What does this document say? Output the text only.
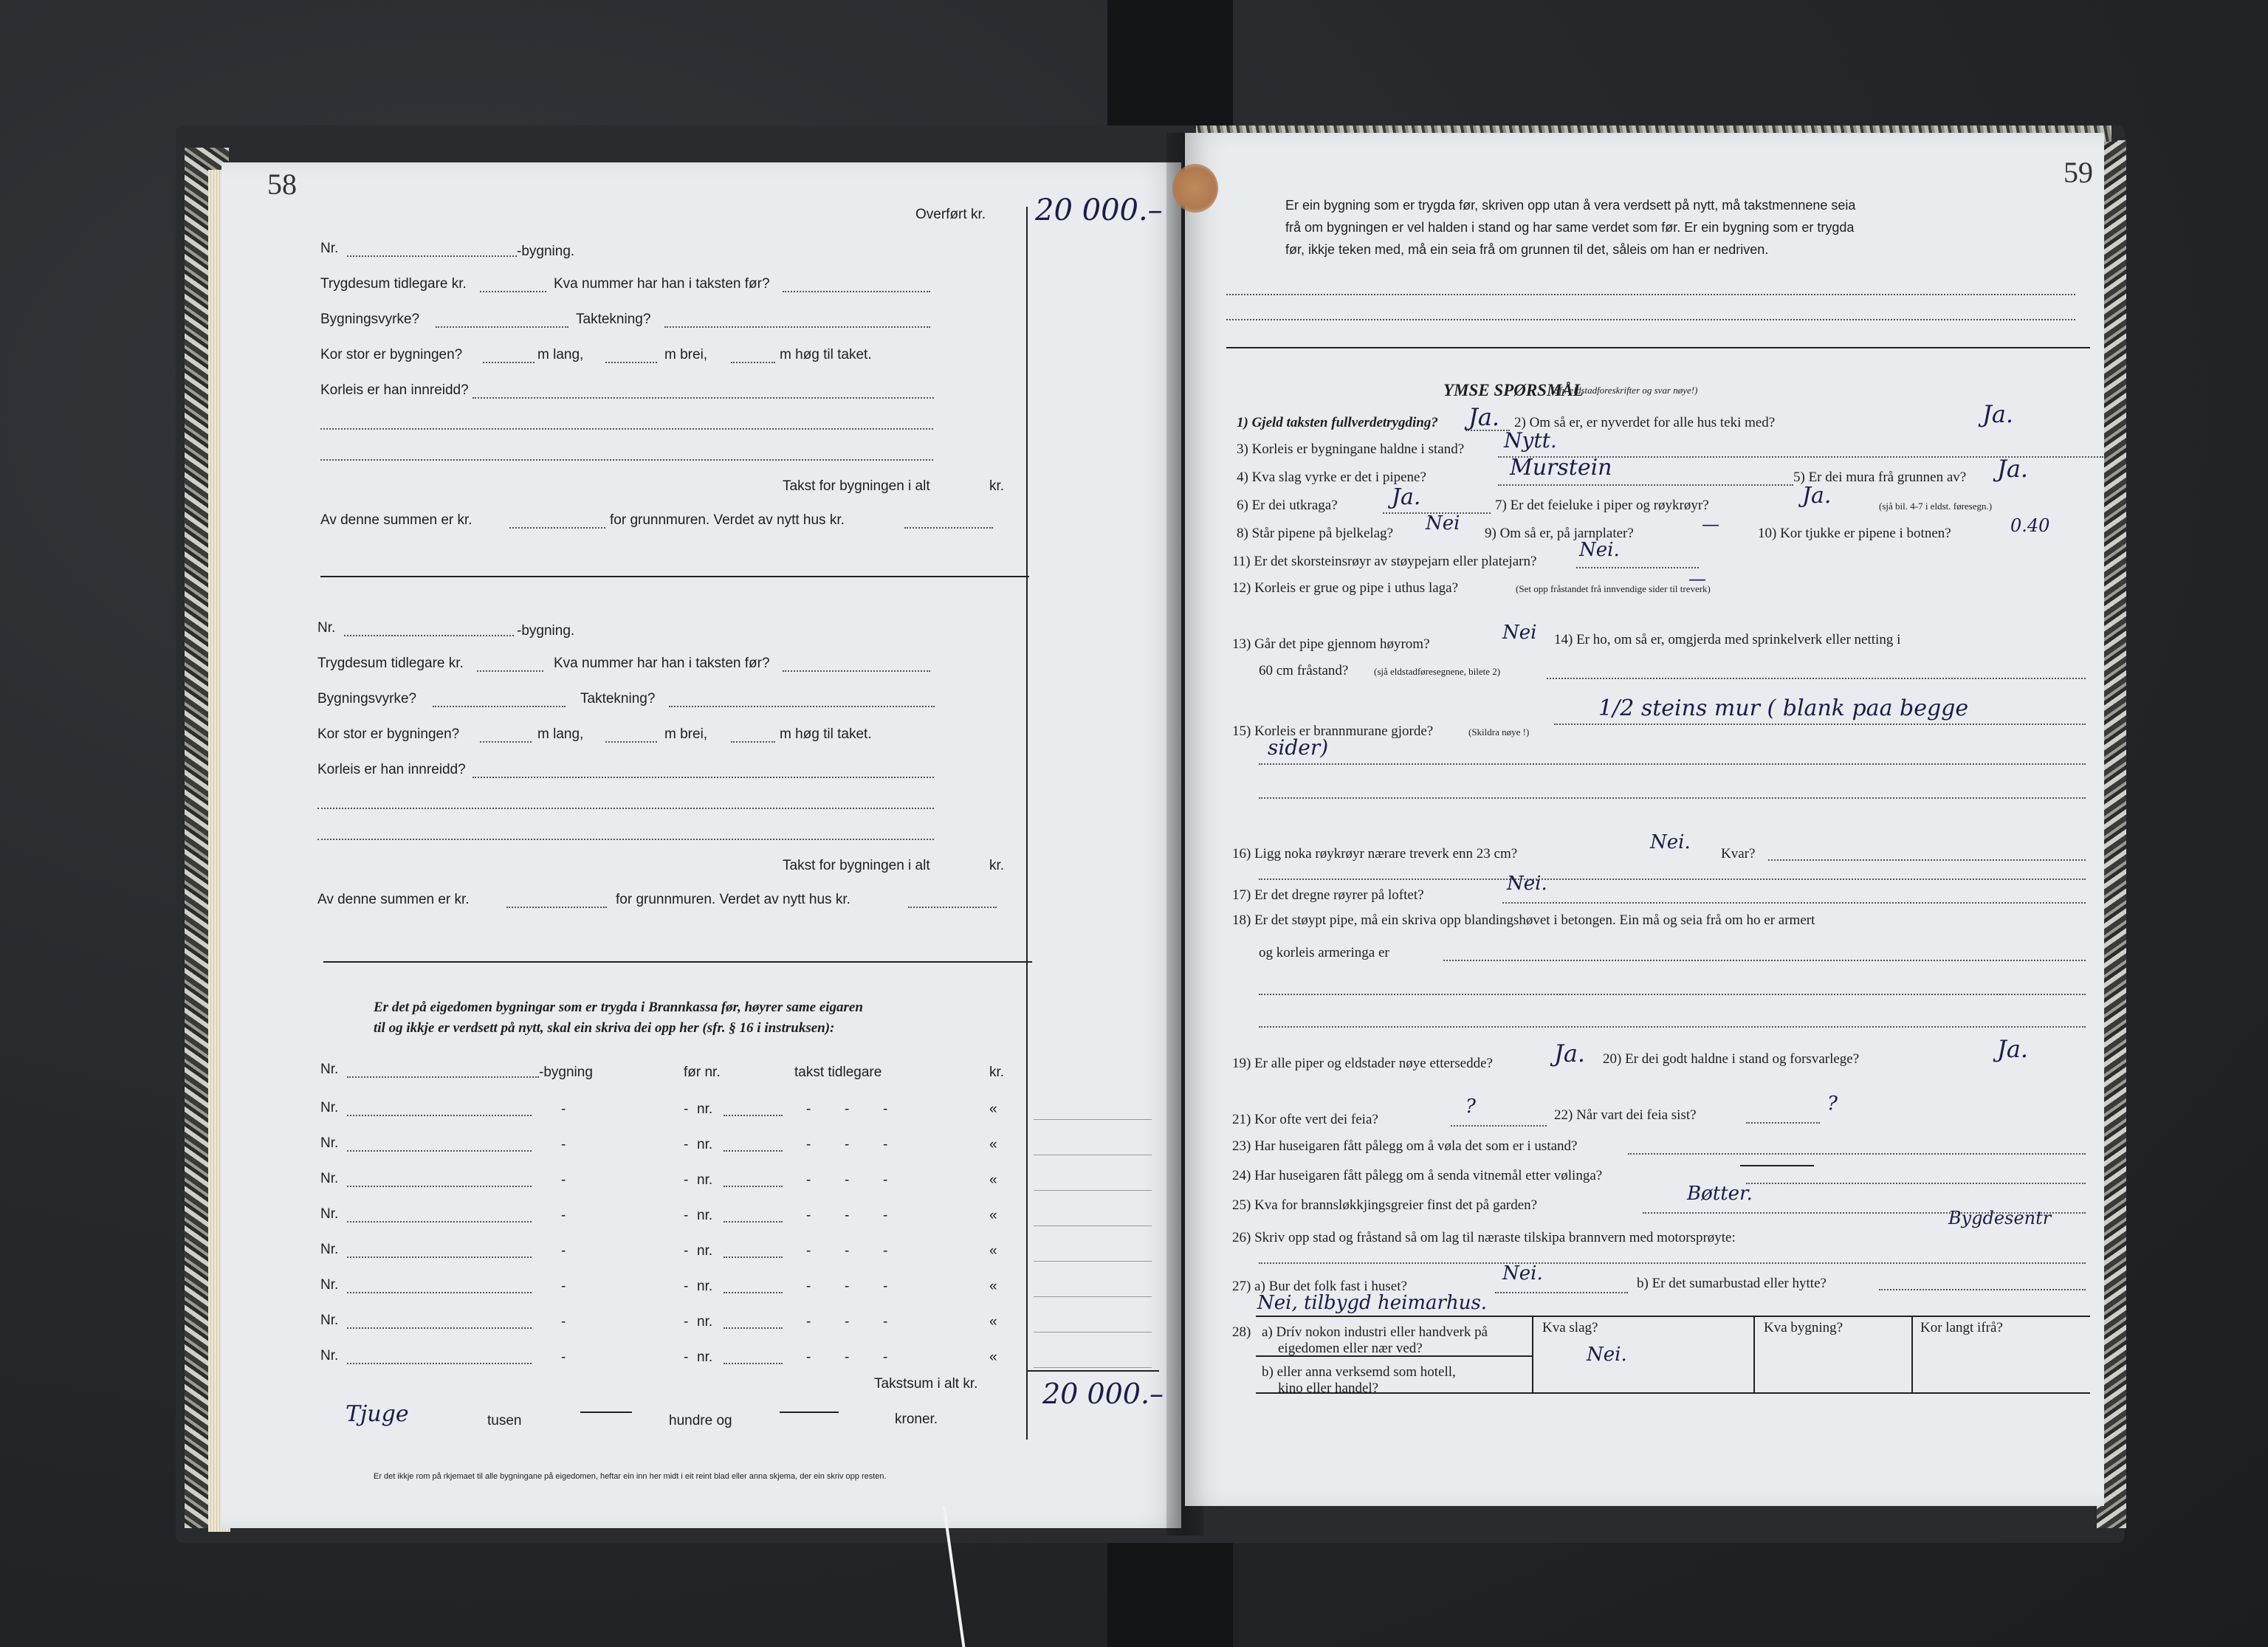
58
Overført kr. 20 000.–
Nr.	-bygning.
Trygdesum tidlegare kr.	Kva nummer har han i taksten før?
Bygningsvyrke?	Taktekning?
Kor stor er bygningen?	m lang,	m brei,	m høg til taket.
Korleis er han innreidd?
Takst for bygningen i alt	kr.
Av denne summen er kr.	for grunnmuren. Verdet av nytt hus kr.
Nr.	-bygning.
Trygdesum tidlegare kr.	Kva nummer har han i taksten før?
Bygningsvyrke?	Taktekning?
Kor stor er bygningen?	m lang,	m brei,	m høg til taket.
Korleis er han innreidd?
Takst for bygningen i alt	kr.
Av denne summen er kr.	for grunnmuren. Verdet av nytt hus kr.
Er det på eigedomen bygningar som er trygda i Brannkassa før, høyrer same eigaren
til og ikkje er verdsett på nytt, skal ein skriva dei opp her (sfr. § 16 i instruksen):
Nr.	-bygning	før nr.	takst tidlegare	kr.
Nr.	-	- nr.	- - -	«
Nr.	-	- nr.	- - -	«
Nr.	-	- nr.	- - -	«
Nr.	-	- nr.	- - -	«
Nr.	-	- nr.	- - -	«
Nr.	-	- nr.	- - -	«
Nr.	-	- nr.	- - -	«
Nr.	-	- nr.	- - -	«
Takstsum i alt kr. 20 000.–
Tjuge	tusen	hundre og	kroner.
Er det ikkje rom på rkjemaet til alle bygningane på eigedomen, heftar ein inn her midt i eit reint blad eller anna skjema, der ein skriv opp resten.
59
Er ein bygning som er trygda før, skriven opp utan å vera verdsett på nytt, må takstmennene seia
frå om bygningen er vel halden i stand og har same verdet som før. Er ein bygning som er trygda
før, ikkje teken med, må ein seia frå om grunnen til det, såleis om han er nedriven.
YMSE SPØRSMÅL
(Sfr. eldstadforeskrifter og svar nøye!)
1) Gjeld taksten fullverdetrygding? Ja. 2) Om så er, er nyverdet for alle hus teki med?	Ja.
3) Korleis er bygningane haldne i stand? Nytt.
4) Kva slag vyrke er det i pipene?	Murstein	5) Er dei mura frå grunnen av? Ja.
6) Er dei utkraga? Ja.	7) Er det feieluke i piper og røykrøyr?	Ja.	(sjå bil. 4-7 i eldst. føresegn.)
8) Står pipene på bjelkelag? Nei 9) Om så er, på jarnplater?	—	10) Kor tjukke er pipene i botnen?	0.40
11) Er det skorsteinsrøyr av støypejarn eller platejarn?
Nei.
12) Korleis er grue og pipe i uthus laga?	(Set opp fråstandet frå innvendige sider til treverk)
—
13) Går det pipe gjennom høyrom?
Nei 14) Er ho, om så er, omgjerda med sprinkelverk eller netting i
60 cm fråstand?	(sjå eldstadføresegnene, bilete 2)
15) Korleis er brannmurane gjorde?	(Skildra nøye !)
1/2 steins mur ( blank paa begge
sider)
16) Ligg noka røykrøyr nærare treverk enn 23 cm?
Nei.
Kvar?
17) Er det dregne røyrer på loftet?
Nei.
18) Er det støypt pipe, må ein skriva opp blandingshøvet i betongen. Ein må og seia frå om ho er armert
og korleis armeringa er
19) Er alle piper og eldstader nøye ettersedde?	Ja. 20) Er dei godt haldne i stand og forsvarlege?	Ja.
21) Kor ofte vert dei feia?
?	22) Når vart dei feia sist?
?
23) Har huseigaren fått pålegg om å vøla det som er i ustand?
24) Har huseigaren fått pålegg om å senda vitnemål etter vølinga?
25) Kva for brannsløkkjingsgreier finst det på garden?
Bøtter.
26) Skriv opp stad og fråstand så om lag til næraste tilskipa brannvern med motorsprøyte:
Bygdesentr
27) a) Bur det folk fast i huset?
Nei.	b) Er det sumarbustad eller hytte?
Nei, tilbygd heimarhus.
28) a) Drív nokon industri eller handverk på
eigedomen eller nær ved?
b) eller anna verksemd som hotell,
kino eller handel?
Kva slag?	Kva bygning?	Kor langt ifrå?
Nei.
